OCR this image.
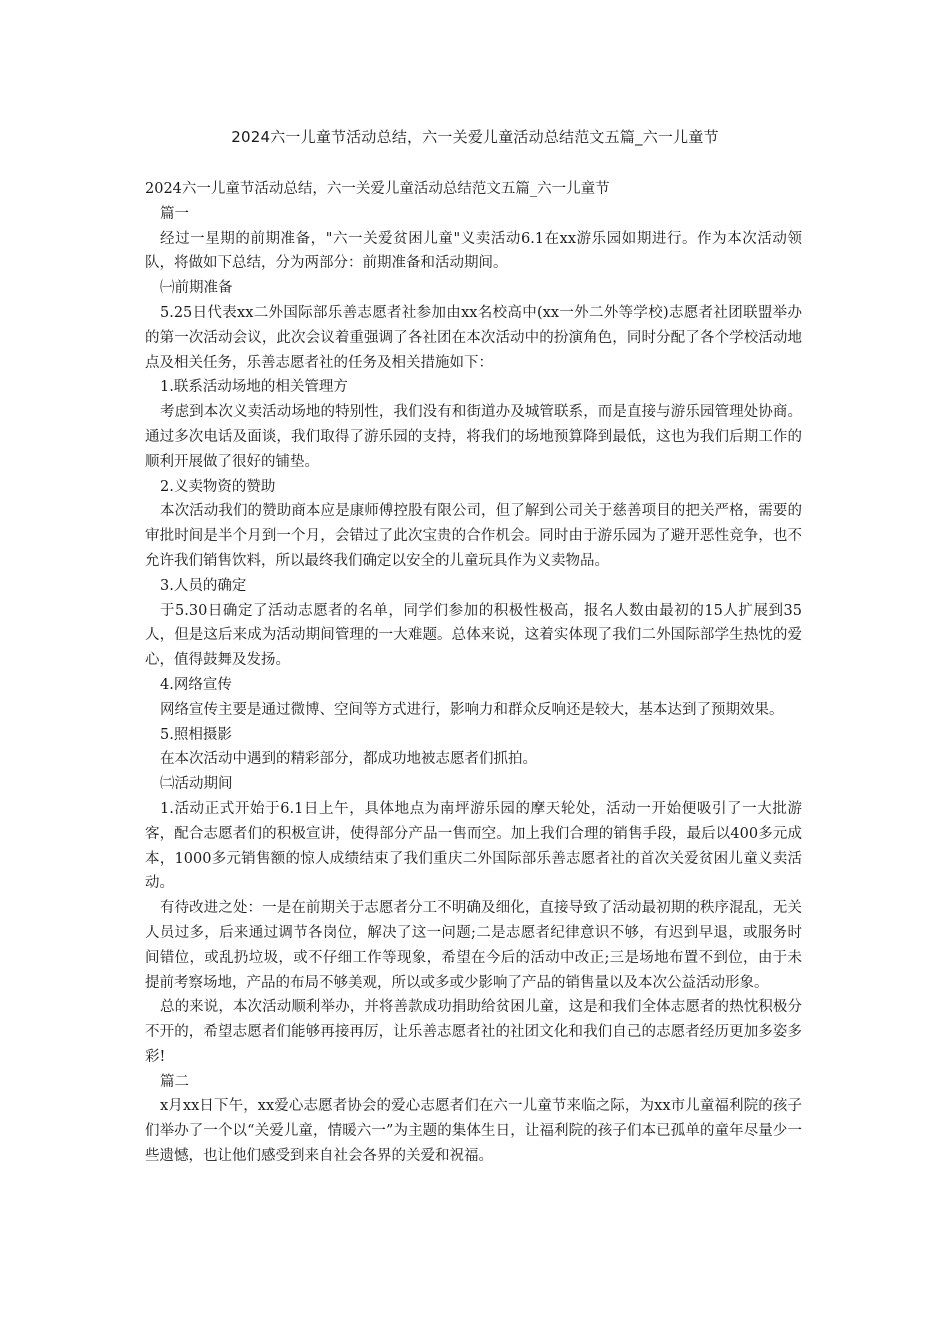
2024六一儿童节活动总结，六一关爱儿童活动总结范文五篇_六一儿童节

2024六一儿童节活动总结，六一关爱儿童活动总结范文五篇_六一儿童节

篇一

经过一星期的前期准备，"六一关爱贫困儿童"义卖活动6.1在xx游乐园如期进行。作为本次活动领队，将做如下总结，分为两部分：前期准备和活动期间。

㈠前期准备

5.25日代表xx二外国际部乐善志愿者社参加由xx名校高中(xx一外二外等学校)志愿者社团联盟举办的第一次活动会议，此次会议着重强调了各社团在本次活动中的扮演角色，同时分配了各个学校活动地点及相关任务，乐善志愿者社的任务及相关措施如下：

1.联系活动场地的相关管理方

考虑到本次义卖活动场地的特别性，我们没有和街道办及城管联系，而是直接与游乐园管理处协商。通过多次电话及面谈，我们取得了游乐园的支持，将我们的场地预算降到最低，这也为我们后期工作的顺利开展做了很好的铺垫。

2.义卖物资的赞助

本次活动我们的赞助商本应是康师傅控股有限公司，但了解到公司关于慈善项目的把关严格，需要的审批时间是半个月到一个月，会错过了此次宝贵的合作机会。同时由于游乐园为了避开恶性竞争，也不允许我们销售饮料，所以最终我们确定以安全的儿童玩具作为义卖物品。

3.人员的确定

于5.30日确定了活动志愿者的名单，同学们参加的积极性极高，报名人数由最初的15人扩展到35人，但是这后来成为活动期间管理的一大难题。总体来说，这着实体现了我们二外国际部学生热忱的爱心，值得鼓舞及发扬。

4.网络宣传

网络宣传主要是通过微博、空间等方式进行，影响力和群众反响还是较大，基本达到了预期效果。

5.照相摄影

在本次活动中遇到的精彩部分，都成功地被志愿者们抓拍。

㈡活动期间

1.活动正式开始于6.1日上午，具体地点为南坪游乐园的摩天轮处，活动一开始便吸引了一大批游客，配合志愿者们的积极宣讲，使得部分产品一售而空。加上我们合理的销售手段，最后以400多元成本，1000多元销售额的惊人成绩结束了我们重庆二外国际部乐善志愿者社的首次关爱贫困儿童义卖活动。

有待改进之处：一是在前期关于志愿者分工不明确及细化，直接导致了活动最初期的秩序混乱，无关人员过多，后来通过调节各岗位，解决了这一问题;二是志愿者纪律意识不够，有迟到早退，或服务时间错位，或乱扔垃圾，或不仔细工作等现象，希望在今后的活动中改正;三是场地布置不到位，由于未提前考察场地，产品的布局不够美观，所以或多或少影响了产品的销售量以及本次公益活动形象。

总的来说，本次活动顺利举办，并将善款成功捐助给贫困儿童，这是和我们全体志愿者的热忱积极分不开的，希望志愿者们能够再接再厉，让乐善志愿者社的社团文化和我们自己的志愿者经历更加多姿多彩!

篇二

x月xx日下午，xx爱心志愿者协会的爱心志愿者们在六一儿童节来临之际，为xx市儿童福利院的孩子们举办了一个以“关爱儿童，情暖六一”为主题的集体生日，让福利院的孩子们本已孤单的童年尽量少一些遗憾，也让他们感受到来自社会各界的关爱和祝福。
